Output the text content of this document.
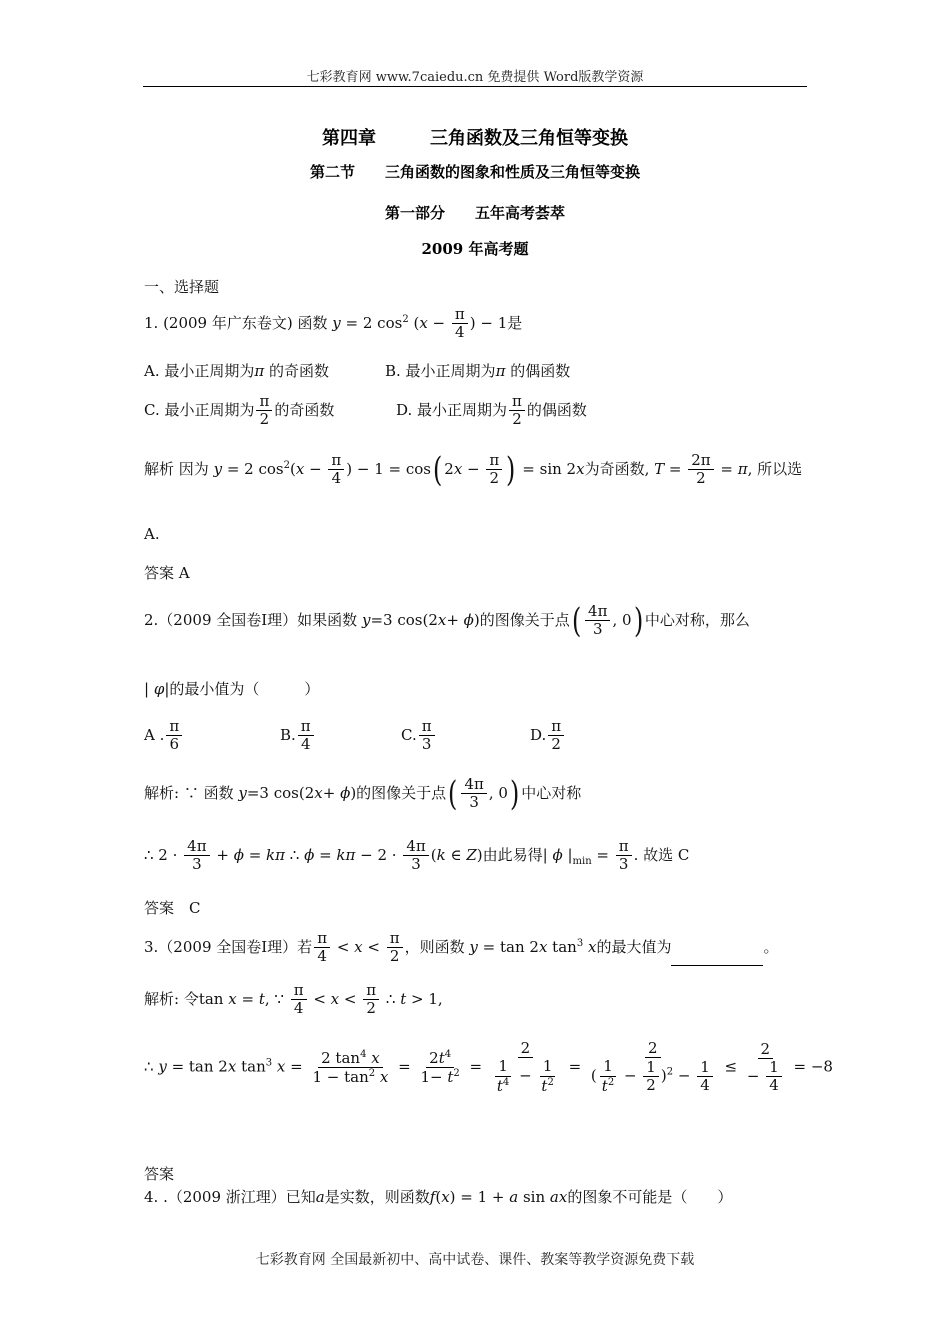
七彩教育网 www.7caiedu.cn 免费提供 Word版教学资源
第四章　　　三角函数及三角恒等变换
第二节　　三角函数的图象和性质及三角恒等变换
第一部分　　五年高考荟萃
2009 年高考题
一、选择题
1. (2009 年广东卷文) 函数 y = 2 $\cos^2 (x - \frac{\pi}{4}$ ) − 1是
A. 最小正周期为π 的奇函数	B. 最小正周期为π 的偶函数
C. 最小正周期为 $\frac{\pi}{2}$ 的奇函数	D. 最小正周期为 $\frac{\pi}{2}$ 的偶函数
解析 因为 y = 2 $\cos^2(x - \frac{\pi}{4}$ ) − 1 = cos( $2x - \frac{\pi}{2}$ ) = sin 2x为奇函数, $T = \frac{2\pi}{2} = \pi$, 所以选
A.
答案 A
2.（2009 全国卷Ⅰ理）如果函数 y=3 cos(2x+ ϕ)的图像关于点( $\frac{4\pi}{3}$ , 0) 中心对称，那么
| φ|的最小值为（　　　）
A . $\frac{\pi}{6}$	B. $\frac{\pi}{4}$	C. $\frac{\pi}{3}$	D. $\frac{\pi}{2}$
解析: ∵ 函数 y=3 cos(2x+ ϕ)的图像关于点( $\frac{4\pi}{3}$ , 0) 中心对称
∴ $2 \cdot \frac{4\pi}{3} + \phi = k\pi$ ∴ $\phi = k\pi - 2 \cdot \frac{4\pi}{3} (k$ ∈ Z)由此易得| ϕ $|_{min} = \frac{\pi}{3}$ . 故选 C
答案　C
3.（2009 全国卷Ⅰ理）若 $\frac{\pi}{4} < x < \frac{\pi}{2}$ ，则函数 y = tan 2x $\tan^3 x$的最大值为	。
解析: 令tan x = t, ∵ $\frac{\pi}{4} < x < \frac{\pi}{2}$ ∴ t > 1,
∴ y = tan 2x $\tan^3 x = \frac{2 \tan^4 x}{1 - \tan^2 x} = \frac{2t^4}{1- t^2} = \frac{2}{\frac{1}{t^4} - \frac{1}{t^2}} = \frac{2}{( \frac{1}{t^2} - \frac{1}{2} )^2 - \frac{1}{4}} \le \frac{2}{- \frac{1}{4}} = -8$
答案
4. .（2009 浙江理）已知a是实数，则函数f(x) = 1 + a sin ax的图象不可能是（　　）
七彩教育网 全国最新初中、高中试卷、课件、教案等教学资源免费下载
